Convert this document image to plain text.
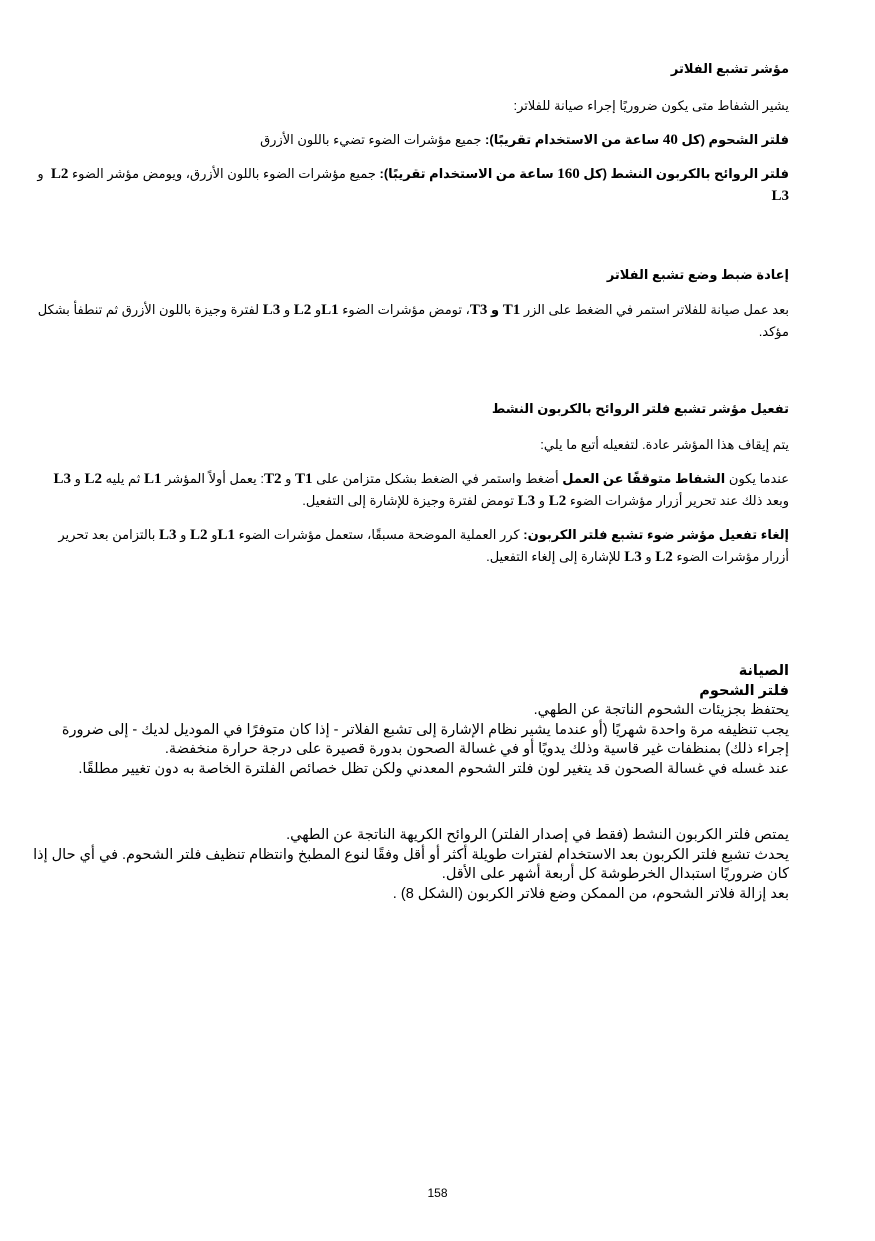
مؤشر تشبع الفلاتر

يشير الشفاط متى يكون ضروريًا إجراء صيانة للفلاتر:

فلتر الشحوم (كل 40 ساعة من الاستخدام تقريبًا): جميع مؤشرات الضوء تضيء باللون الأزرق

فلتر الروائح بالكربون النشط (كل 160 ساعة من الاستخدام تقريبًا): جميع مؤشرات الضوء باللون الأزرق، ويومض مؤشر الضوء L2  و L3

إعادة ضبط وضع تشبع الفلاتر

بعد عمل صيانة للفلاتر استمر في الضغط على الزر T1 و T3، تومض مؤشرات الضوء L1و L2 و L3 لفترة وجيزة باللون الأزرق ثم تنطفأ بشكل مؤكد.

تفعيل مؤشر تشبع فلتر الروائح بالكربون النشط

يتم إيقاف هذا المؤشر عادة. لتفعيله أتبع ما يلي:

عندما يكون الشفاط متوقفًا عن العمل أضغط واستمر في الضغط بشكل متزامن على T1 و T2: يعمل أولاً المؤشر L1 ثم يليه L2 و L3 وبعد ذلك عند تحرير أزرار مؤشرات الضوء L2 و L3 تومض لفترة وجيزة للإشارة إلى التفعيل.

إلغاء تفعيل مؤشر ضوء تشبع فلتر الكربون: كرر العملية الموضحة مسبقًا، ستعمل مؤشرات الضوء L1و L2 و L3 بالتزامن بعد تحرير أزرار مؤشرات الضوء L2 و L3 للإشارة إلى إلغاء التفعيل.

الصيانة

فلتر الشحوم

يحتفظ بجزيئات الشحوم الناتجة عن الطهي.

يجب تنظيفه مرة واحدة شهريًا (أو عندما يشير نظام الإشارة إلى تشبع الفلاتر - إذا كان متوفرًا في الموديل لديك - إلى ضرورة

إجراء ذلك) بمنظفات غير قاسية وذلك يدويًا أو في غسالة الصحون بدورة قصيرة على درجة حرارة منخفضة.

عند غسله في غسالة الصحون قد يتغير لون فلتر الشحوم المعدني ولكن تظل خصائص الفلترة الخاصة به دون تغيير مطلقًا.

يمتص فلتر الكربون النشط (فقط في إصدار الفلتر) الروائح الكريهة الناتجة عن الطهي.

يحدث تشبع فلتر الكربون بعد الاستخدام لفترات طويلة أكثر أو أقل وفقًا لنوع المطبخ وانتظام تنظيف فلتر الشحوم. في أي حال إذا

كان ضروريًا استبدال الخرطوشة كل أربعة أشهر على الأقل.

بعد إزالة فلاتر الشحوم، من الممكن وضع فلاتر الكربون (الشكل 8) .

158
